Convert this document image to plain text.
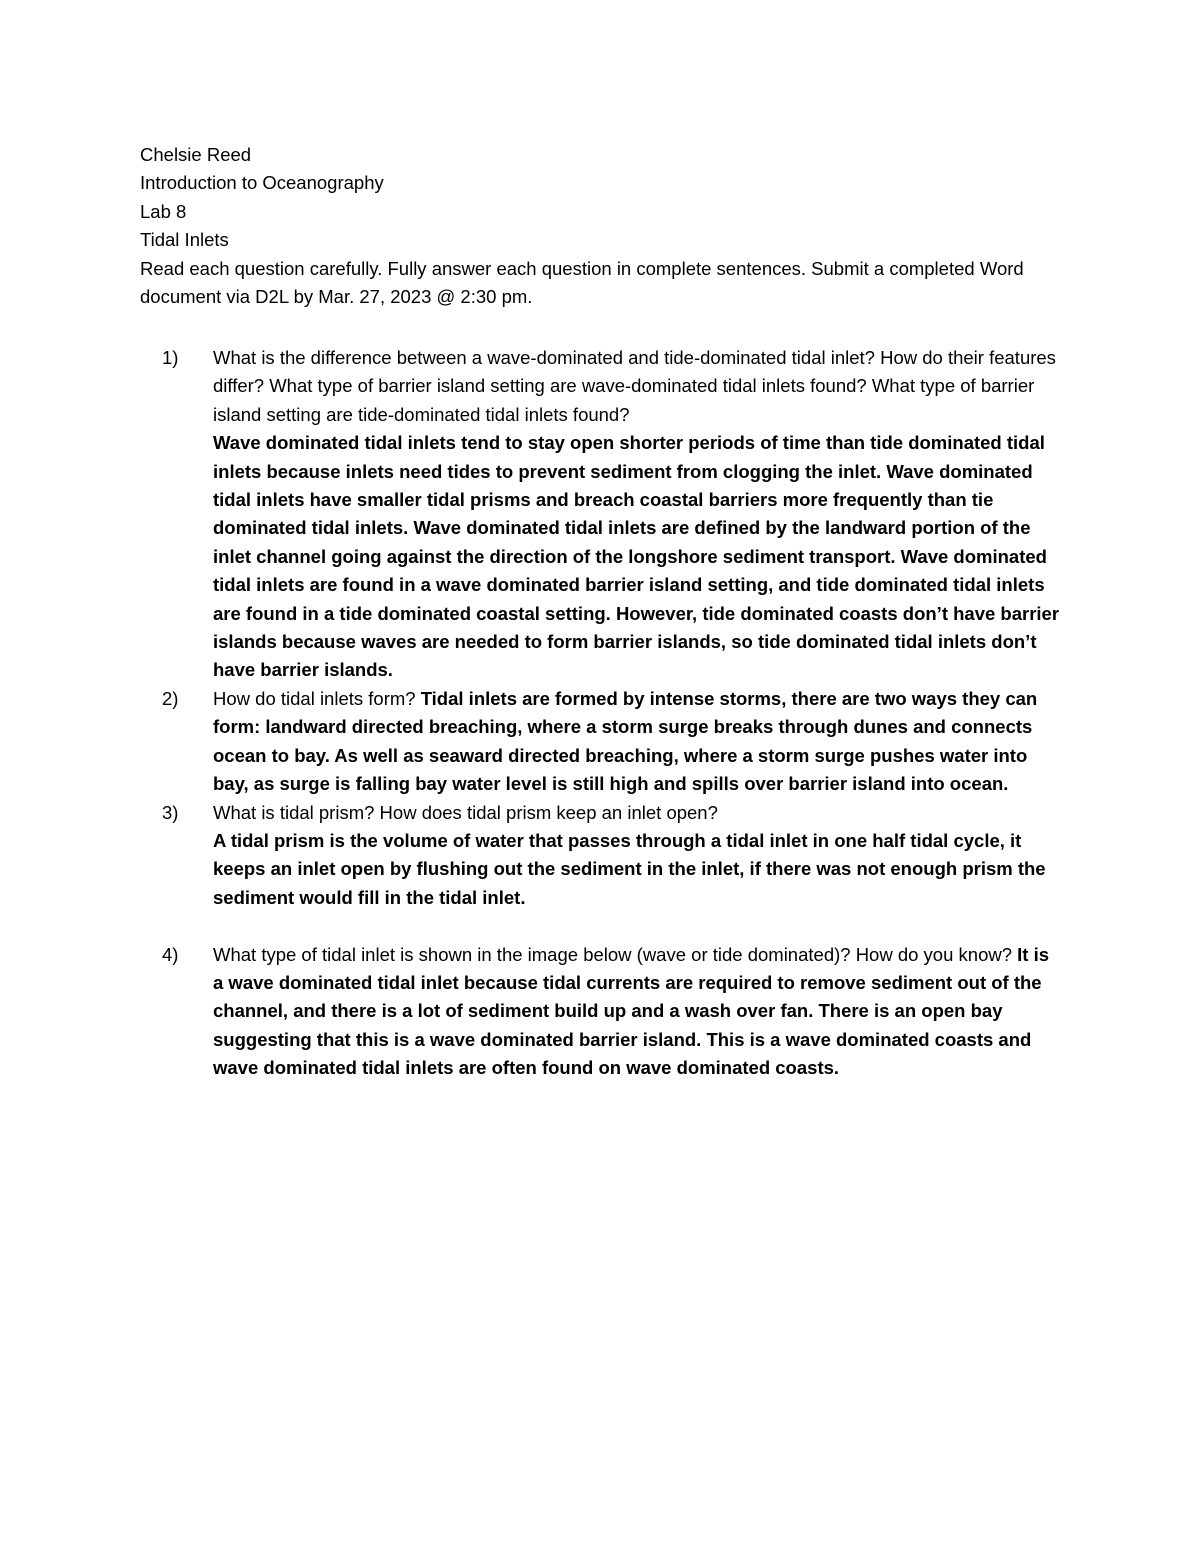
Chelsie Reed
Introduction to Oceanography
Lab 8
Tidal Inlets
Read each question carefully. Fully answer each question in complete sentences. Submit a completed Word document via D2L by Mar. 27, 2023 @ 2:30 pm.
1)	What is the difference between a wave-dominated and tide-dominated tidal inlet? How do their features differ? What type of barrier island setting are wave-dominated tidal inlets found? What type of barrier island setting are tide-dominated tidal inlets found?
Wave dominated tidal inlets tend to stay open shorter periods of time than tide dominated tidal inlets because inlets need tides to prevent sediment from clogging the inlet. Wave dominated tidal inlets have smaller tidal prisms and breach coastal barriers more frequently than tie dominated tidal inlets. Wave dominated tidal inlets are defined by the landward portion of the inlet channel going against the direction of the longshore sediment transport. Wave dominated tidal inlets are found in a wave dominated barrier island setting, and tide dominated tidal inlets are found in a tide dominated coastal setting. However, tide dominated coasts don’t have barrier islands because waves are needed to form barrier islands, so tide dominated tidal inlets don’t have barrier islands.
2)	How do tidal inlets form? Tidal inlets are formed by intense storms, there are two ways they can form: landward directed breaching, where a storm surge breaks through dunes and connects ocean to bay. As well as seaward directed breaching, where a storm surge pushes water into bay, as surge is falling bay water level is still high and spills over barrier island into ocean.
3)	What is tidal prism? How does tidal prism keep an inlet open?
A tidal prism is the volume of water that passes through a tidal inlet in one half tidal cycle, it keeps an inlet open by flushing out the sediment in the inlet, if there was not enough prism the sediment would fill in the tidal inlet.
4)	What type of tidal inlet is shown in the image below (wave or tide dominated)? How do you know? It is a wave dominated tidal inlet because tidal currents are required to remove sediment out of the channel, and there is a lot of sediment build up and a wash over fan. There is an open bay suggesting that this is a wave dominated barrier island. This is a wave dominated coasts and wave dominated tidal inlets are often found on wave dominated coasts.
